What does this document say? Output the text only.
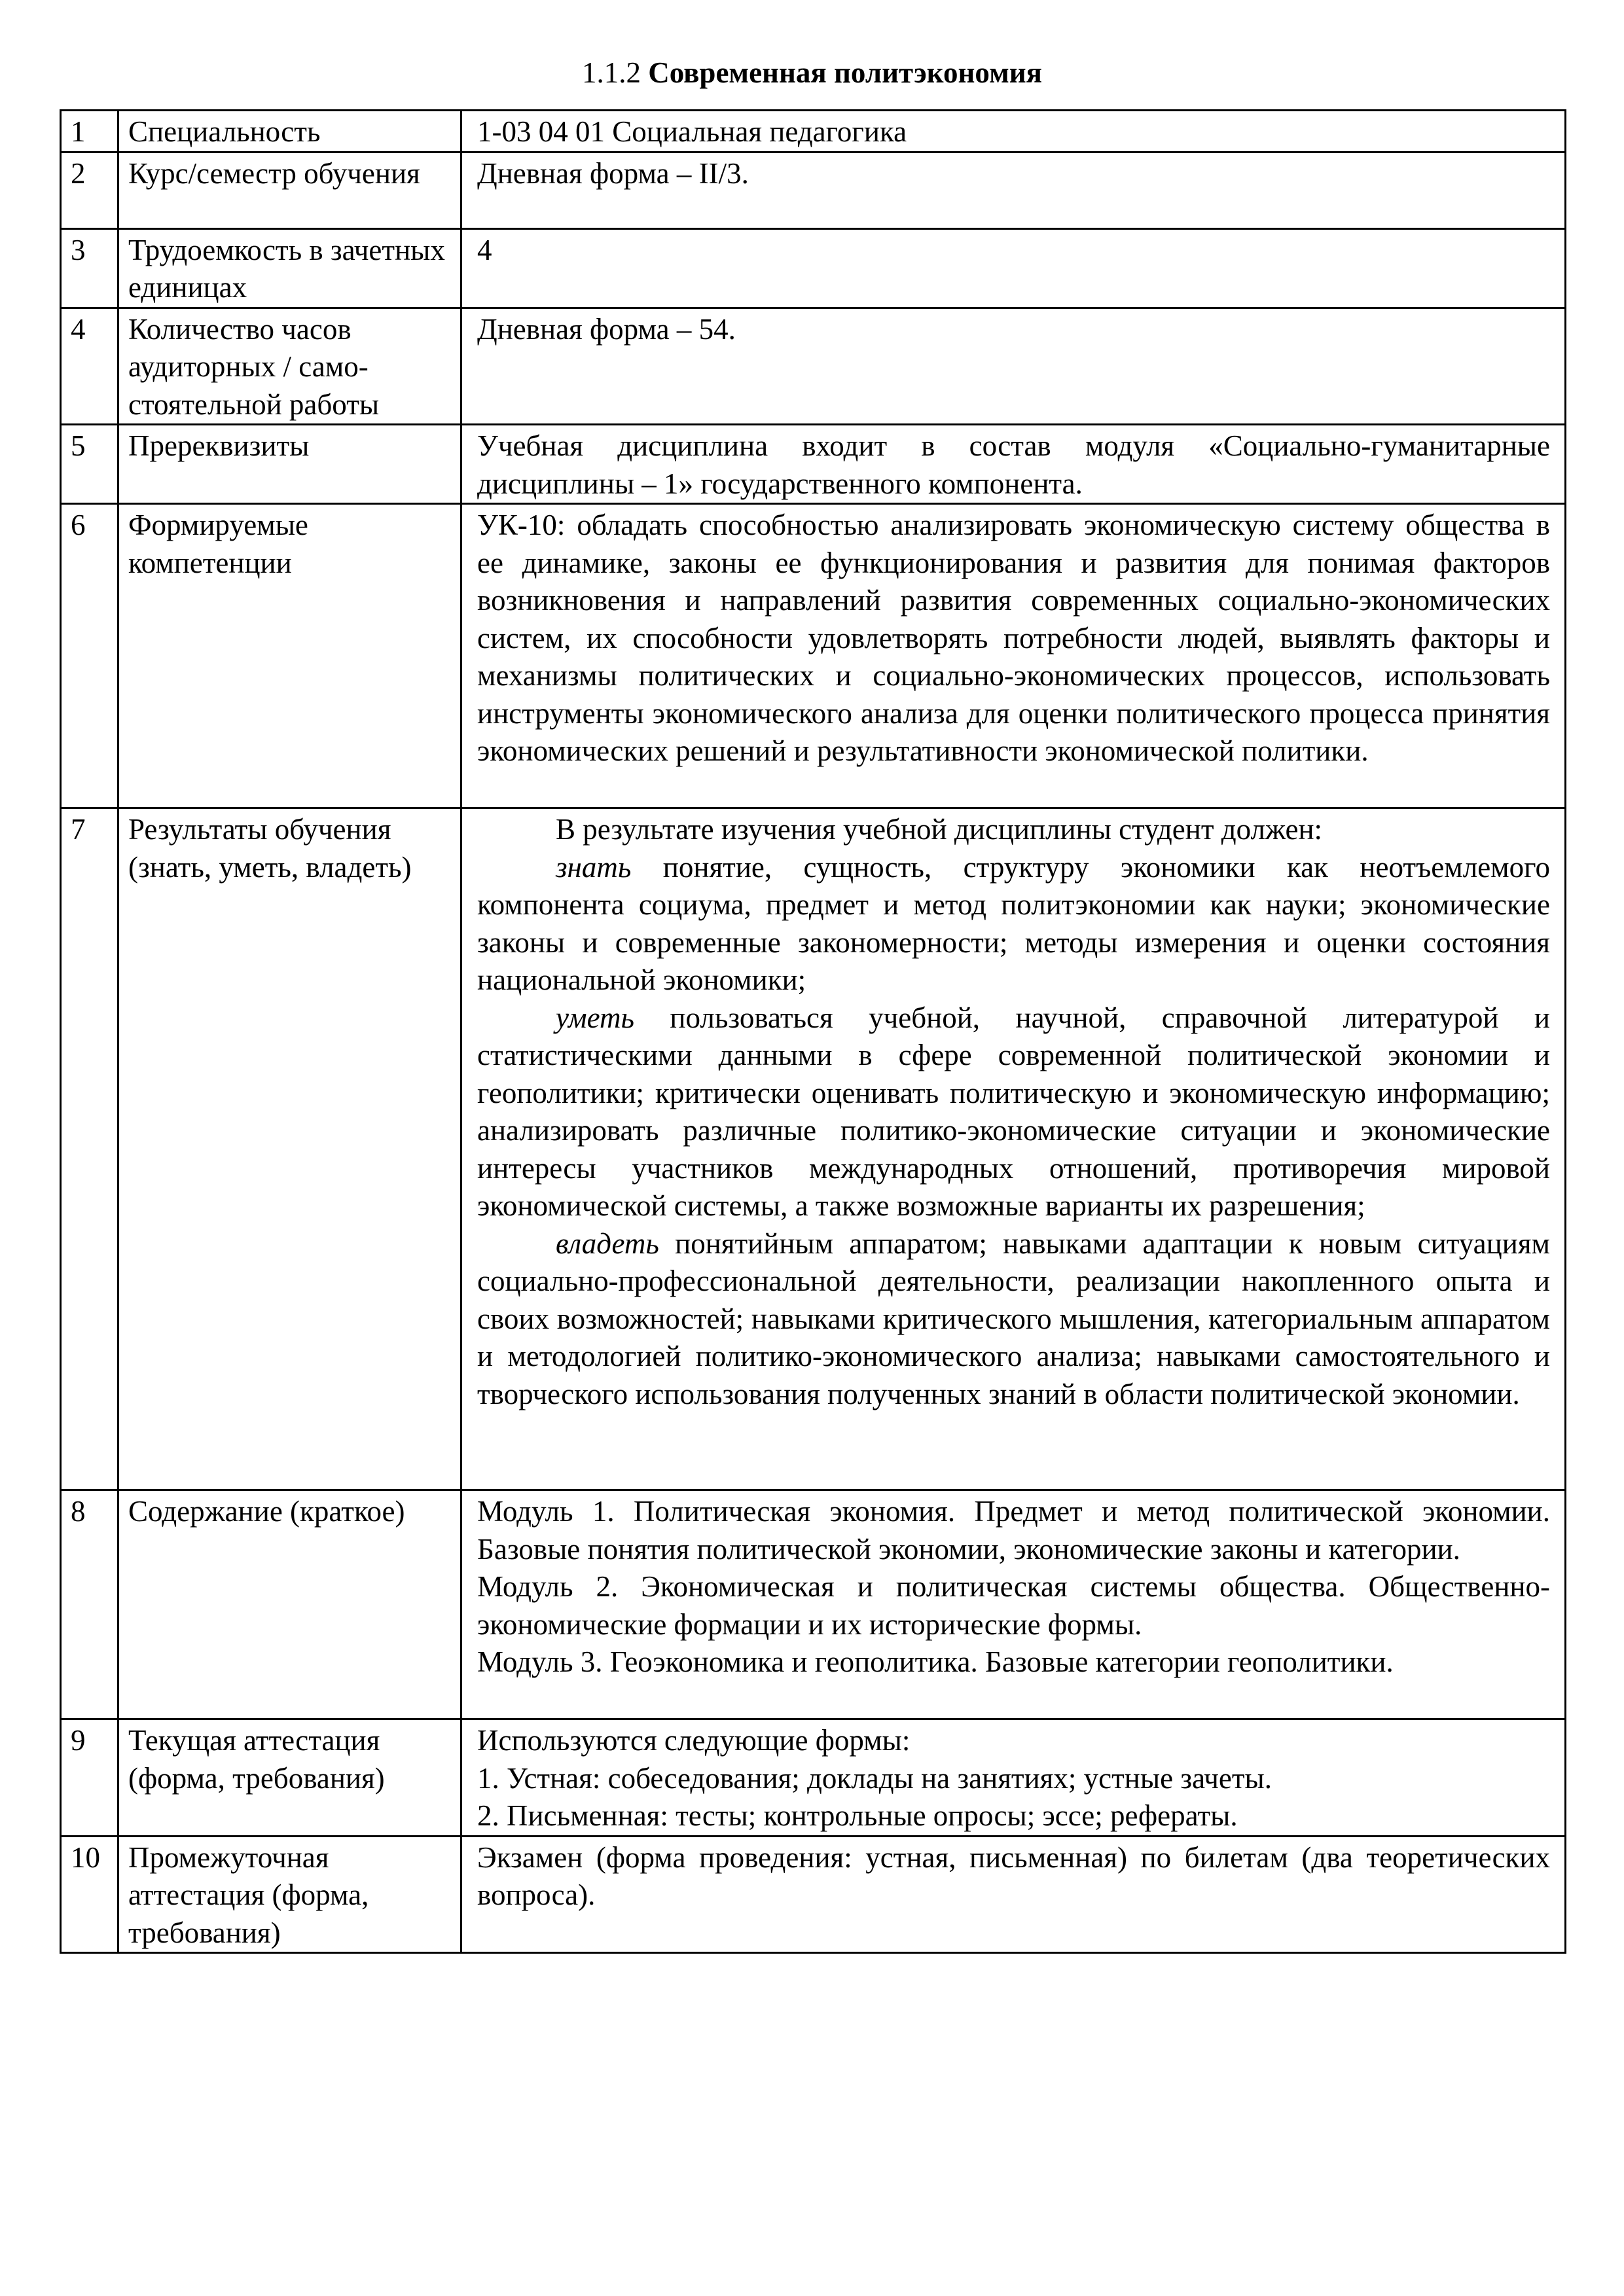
1.1.2 Современная политэкономия
1	Специальность	1-03 04 01 Социальная педагогика

2	Курс/семестр обучения	Дневная форма – II/3.

3	Трудоемкость в зачетных единицах	4

4	Количество часов аудиторных / само-стоятельной работы	Дневная форма – 54.

5	Пререквизиты	Учебная дисциплина входит в состав модуля «Социально-гуманитарные дисциплины – 1» государственного компонента.

6	Формируемые компетенции	УК-10: обладать способностью анализировать экономическую систему общества в ее динамике, законы ее функционирования и развития для понимая факторов возникновения и направлений развития современных социально-экономических систем, их способности удовлетворять потребности людей, выявлять факторы и механизмы политических и социально-экономических процессов, использовать инструменты экономического анализа для оценки политического процесса принятия экономических решений и результативности экономической политики.

7	Результаты обучения (знать, уметь, владеть)	В результате изучения учебной дисциплины студент должен:
знать понятие, сущность, структуру экономики как неотъемлемого компонента социума, предмет и метод политэкономии как науки; экономические законы и современные закономерности; методы измерения и оценки состояния национальной экономики;
уметь пользоваться учебной, научной, справочной литературой и статистическими данными в сфере современной политической экономии и геополитики; критически оценивать политическую и экономическую информацию; анализировать различные политико-экономические ситуации и экономические интересы участников международных отношений, противоречия мировой экономической системы, а также возможные варианты их разрешения;
владеть понятийным аппаратом; навыками адаптации к новым ситуациям социально-профессиональной деятельности, реализации накопленного опыта и своих возможностей; навыками критического мышления, категориальным аппаратом и методологией политико-экономического анализа; навыками самостоятельного и творческого использования полученных знаний в области политической экономии.

8	Содержание (краткое)	Модуль 1. Политическая экономия. Предмет и метод политической экономии. Базовые понятия политической экономии, экономические законы и категории.
Модуль 2. Экономическая и политическая системы общества. Общественно-экономические формации и их исторические формы.
Модуль 3. Геоэкономика и геополитика. Базовые категории геополитики.

9	Текущая аттестация (форма, требования)	Используются следующие формы:
1. Устная: собеседования; доклады на занятиях; устные зачеты.
2. Письменная: тесты; контрольные опросы; эссе; рефераты.

10	Промежуточная аттестация (форма, требования)	Экзамен (форма проведения: устная, письменная) по билетам (два теоретических вопроса).
